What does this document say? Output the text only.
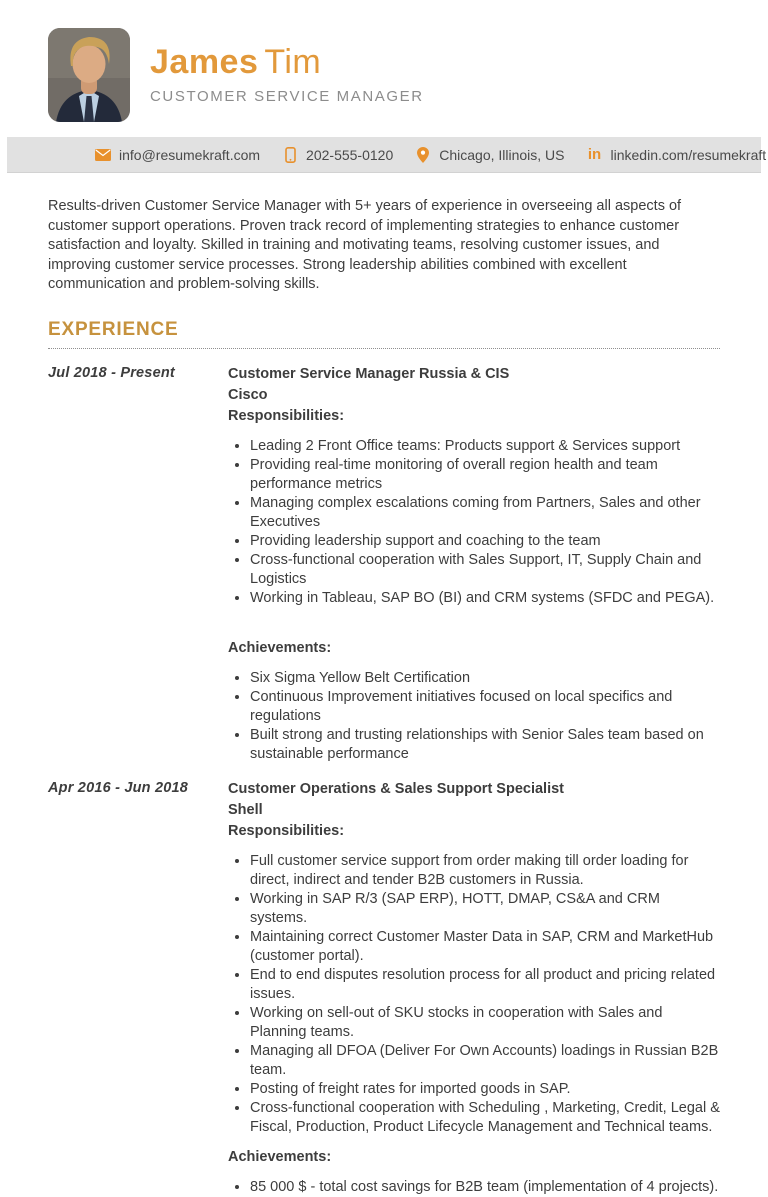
James Tim
CUSTOMER SERVICE MANAGER
info@resumekraft.com	202-555-0120	Chicago, Illinois, US in linkedin.com/resumekraft

Results-driven Customer Service Manager with 5+ years of experience in overseeing all aspects of customer support operations. Proven track record of implementing strategies to enhance customer satisfaction and loyalty. Skilled in training and motivating teams, resolving customer issues, and improving customer service processes. Strong leadership abilities combined with excellent communication and problem-solving skills.

EXPERIENCE
Jul 2018 - Present	Customer Service Manager Russia & CIS
Cisco
Responsibilities:
• Leading 2 Front Office teams: Products support & Services support
• Providing real-time monitoring of overall region health and team performance metrics
• Managing complex escalations coming from Partners, Sales and other Executives
• Providing leadership support and coaching to the team
• Cross-functional cooperation with Sales Support, IT, Supply Chain and Logistics
• Working in Tableau, SAP BO (BI) and CRM systems (SFDC and PEGA).
Achievements:
• Six Sigma Yellow Belt Certification
• Continuous Improvement initiatives focused on local specifics and regulations
• Built strong and trusting relationships with Senior Sales team based on sustainable performance
Apr 2016 - Jun 2018	Customer Operations & Sales Support Specialist
Shell
Responsibilities:
• Full customer service support from order making till order loading for direct, indirect and tender B2B customers in Russia.
• Working in SAP R/3 (SAP ERP), HOTT, DMAP, CS&A and CRM systems.
• Maintaining correct Customer Master Data in SAP, CRM and MarketHub (customer portal).
• End to end disputes resolution process for all product and pricing related issues.
• Working on sell-out of SKU stocks in cooperation with Sales and Planning teams.
• Managing all DFOA (Deliver For Own Accounts) loadings in Russian B2B team.
• Posting of freight rates for imported goods in SAP.
• Cross-functional cooperation with Scheduling , Marketing, Credit, Legal & Fiscal, Production, Product Lifecycle Management and Technical teams.
Achievements:
• 85 000 $ - total cost savings for B2B team (implementation of 4 projects).
